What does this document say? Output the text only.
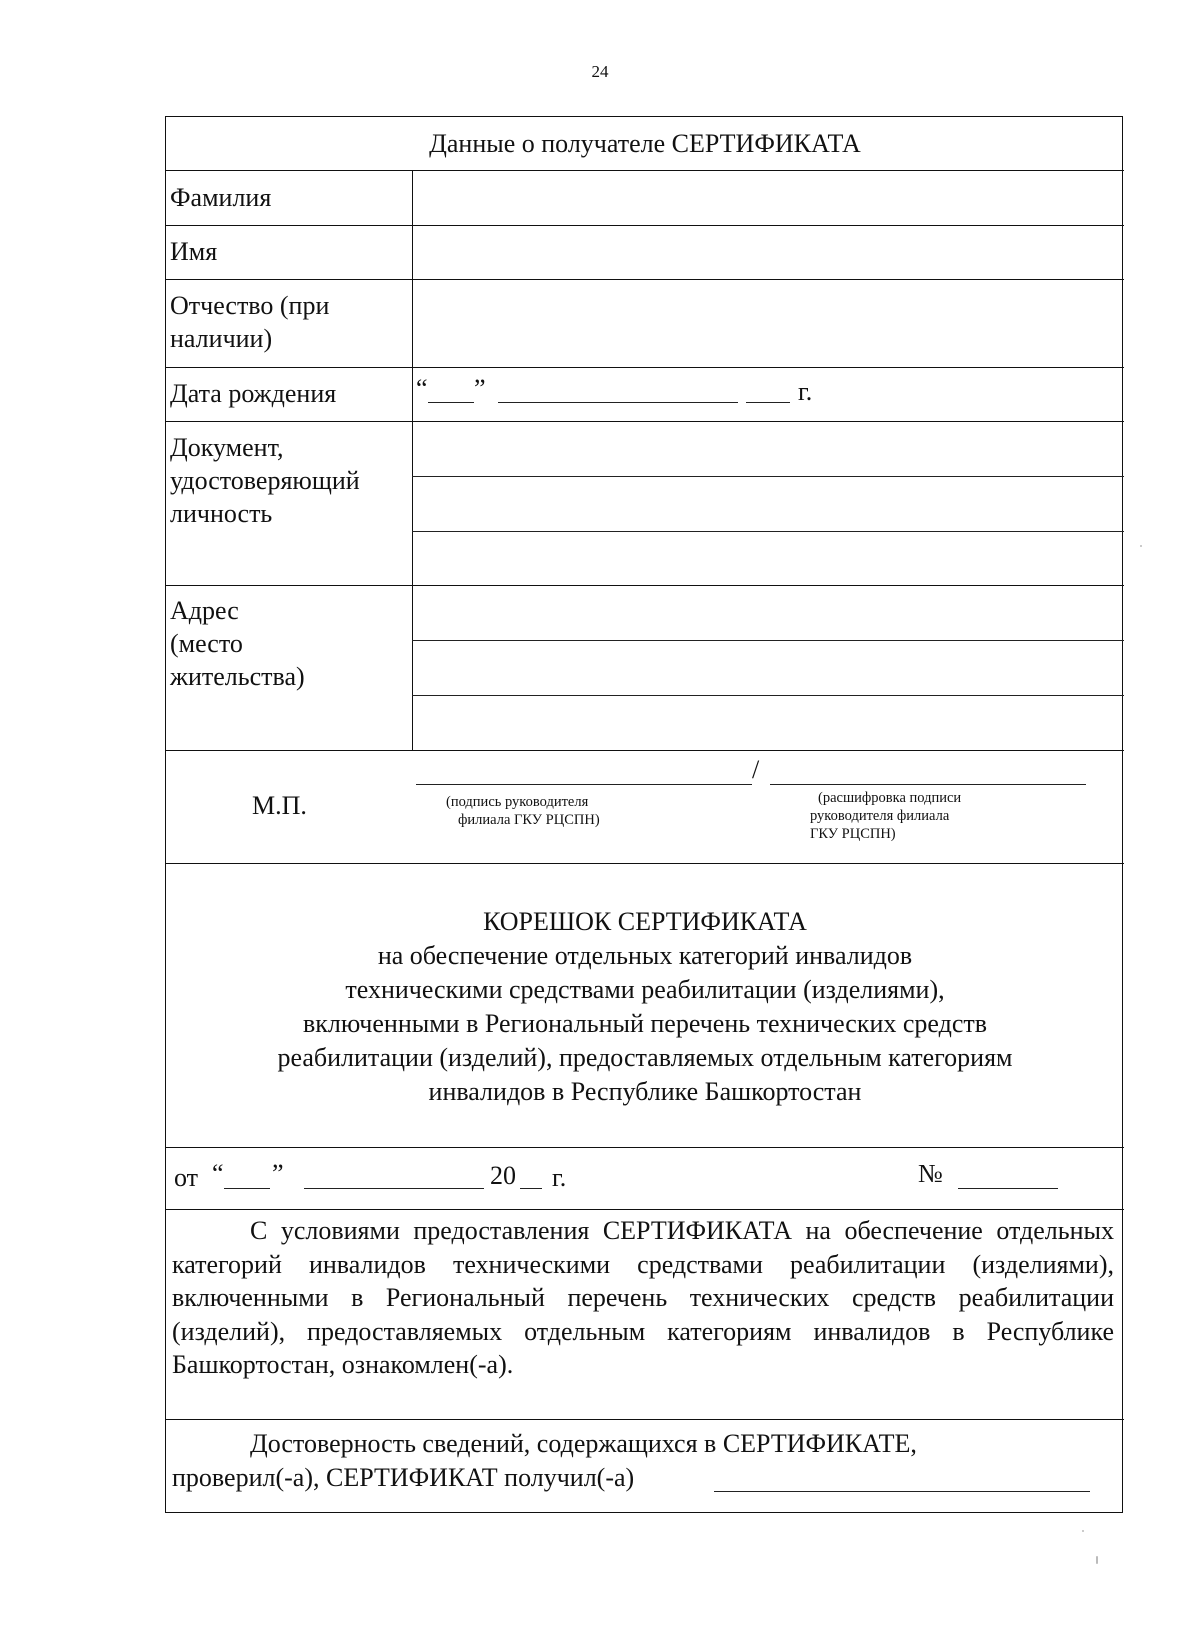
24
Данные о получателе СЕРТИФИКАТА
Фамилия
Имя
Отчество (при
наличии)
Дата рождения	“ ”	г.
Документ,
удостоверяющий
личность
Адрес
(место
жительства)
М.П.
/
(подпись руководителя
филиала ГКУ РЦСПН)
(расшифровка подписи
руководителя филиала
ГКУ РЦСПН)
КОРЕШОК СЕРТИФИКАТА
на обеспечение отдельных категорий инвалидов
техническими средствами реабилитации (изделиями),
включенными в Региональный перечень технических средств
реабилитации (изделий), предоставляемых отдельным категориям
инвалидов в Республике Башкортостан
от “ ”	20 г.	№
С условиями предоставления СЕРТИФИКАТА на обеспечение отдельных категорий инвалидов техническими средствами реабилитации (изделиями), включенными в Региональный перечень технических средств реабилитации (изделий), предоставляемых отдельным категориям инвалидов в Республике Башкортостан, ознакомлен(-а).
Достоверность сведений, содержащихся в СЕРТИФИКАТЕ,
проверил(-а), СЕРТИФИКАТ получил(-а)
